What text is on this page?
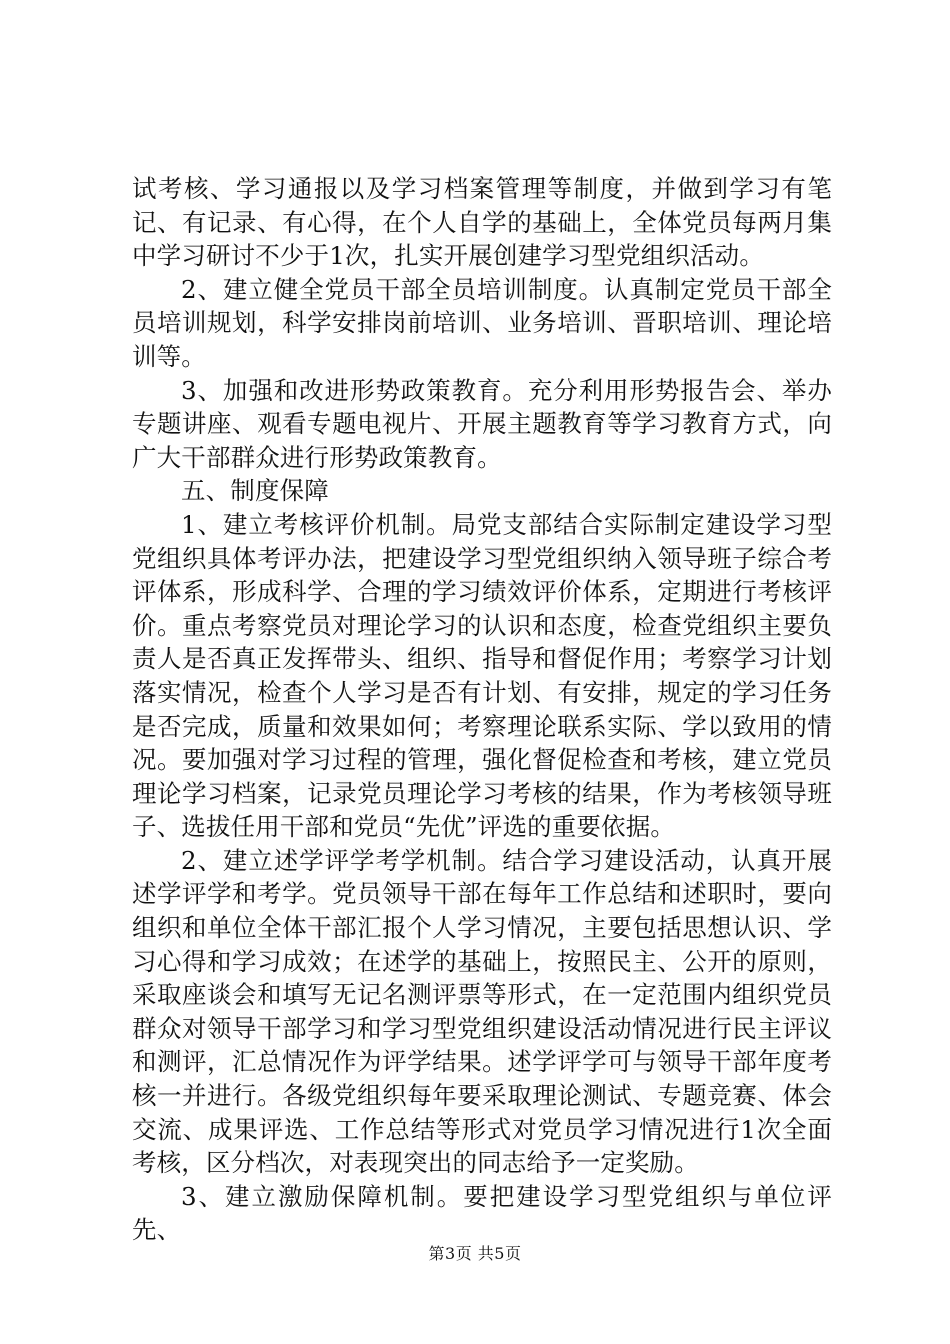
试考核、学习通报以及学习档案管理等制度，并做到学习有笔记、有记录、有心得，在个人自学的基础上，全体党员每两月集中学习研讨不少于1次，扎实开展创建学习型党组织活动。

2、建立健全党员干部全员培训制度。认真制定党员干部全员培训规划，科学安排岗前培训、业务培训、晋职培训、理论培训等。

3、加强和改进形势政策教育。充分利用形势报告会、举办专题讲座、观看专题电视片、开展主题教育等学习教育方式，向广大干部群众进行形势政策教育。

五、制度保障

1、建立考核评价机制。局党支部结合实际制定建设学习型党组织具体考评办法，把建设学习型党组织纳入领导班子综合考评体系，形成科学、合理的学习绩效评价体系，定期进行考核评价。重点考察党员对理论学习的认识和态度，检查党组织主要负责人是否真正发挥带头、组织、指导和督促作用；考察学习计划落实情况，检查个人学习是否有计划、有安排，规定的学习任务是否完成，质量和效果如何；考察理论联系实际、学以致用的情况。要加强对学习过程的管理，强化督促检查和考核，建立党员理论学习档案，记录党员理论学习考核的结果，作为考核领导班子、选拔任用干部和党员“先优”评选的重要依据。

2、建立述学评学考学机制。结合学习建设活动，认真开展述学评学和考学。党员领导干部在每年工作总结和述职时，要向组织和单位全体干部汇报个人学习情况，主要包括思想认识、学习心得和学习成效；在述学的基础上，按照民主、公开的原则，采取座谈会和填写无记名测评票等形式，在一定范围内组织党员群众对领导干部学习和学习型党组织建设活动情况进行民主评议和测评，汇总情况作为评学结果。述学评学可与领导干部年度考核一并进行。各级党组织每年要采取理论测试、专题竞赛、体会交流、成果评选、工作总结等形式对党员学习情况进行1次全面考核，区分档次，对表现突出的同志给予一定奖励。

3、建立激励保障机制。要把建设学习型党组织与单位评先、

第3页 共5页
